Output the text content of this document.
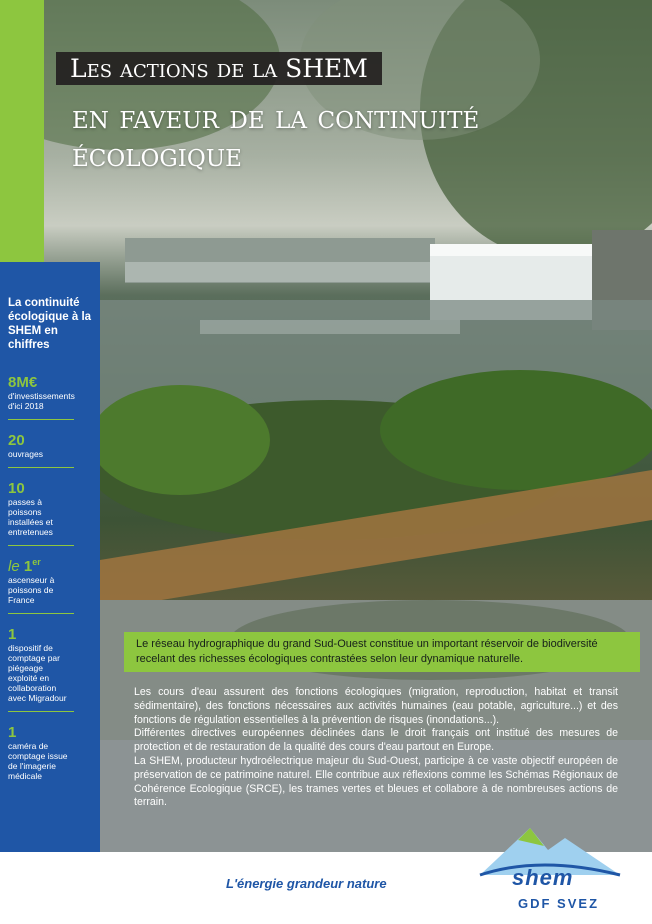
Les actions de la SHEM
en faveur de la continuité écologique
La continuité écologique à la SHEM en chiffres
8M€
d'investissements d'ici 2018
20
ouvrages
10
passes à poissons installées et entretenues
le 1er
ascenseur à poissons de France
1
dispositif de comptage par piégeage exploité en collaboration avec Migradour
1
caméra de comptage issue de l'imagerie médicale
Le réseau hydrographique du grand Sud-Ouest constitue un important réservoir de biodiversité recelant des richesses écologiques contrastées selon leur dynamique naturelle.

Les cours d'eau assurent des fonctions écologiques (migration, reproduction, habitat et transit sédimentaire), des fonctions nécessaires aux activités humaines (eau potable, agriculture...) et des fonctions de régulation essentielles à la prévention de risques (inondations...).

Différentes directives européennes déclinées dans le droit français ont institué des mesures de protection et de restauration de la qualité des cours d'eau partout en Europe.

La SHEM, producteur hydroélectrique majeur du Sud-Ouest, participe à ce vaste objectif européen de préservation de ce patrimoine naturel. Elle contribue aux réflexions comme les Schémas Régionaux de Cohérence Ecologique (SRCE), les trames vertes et bleues et collabore à de nombreuses actions de terrain.

L'énergie grandeur nature	shem
GDF SVEZ
